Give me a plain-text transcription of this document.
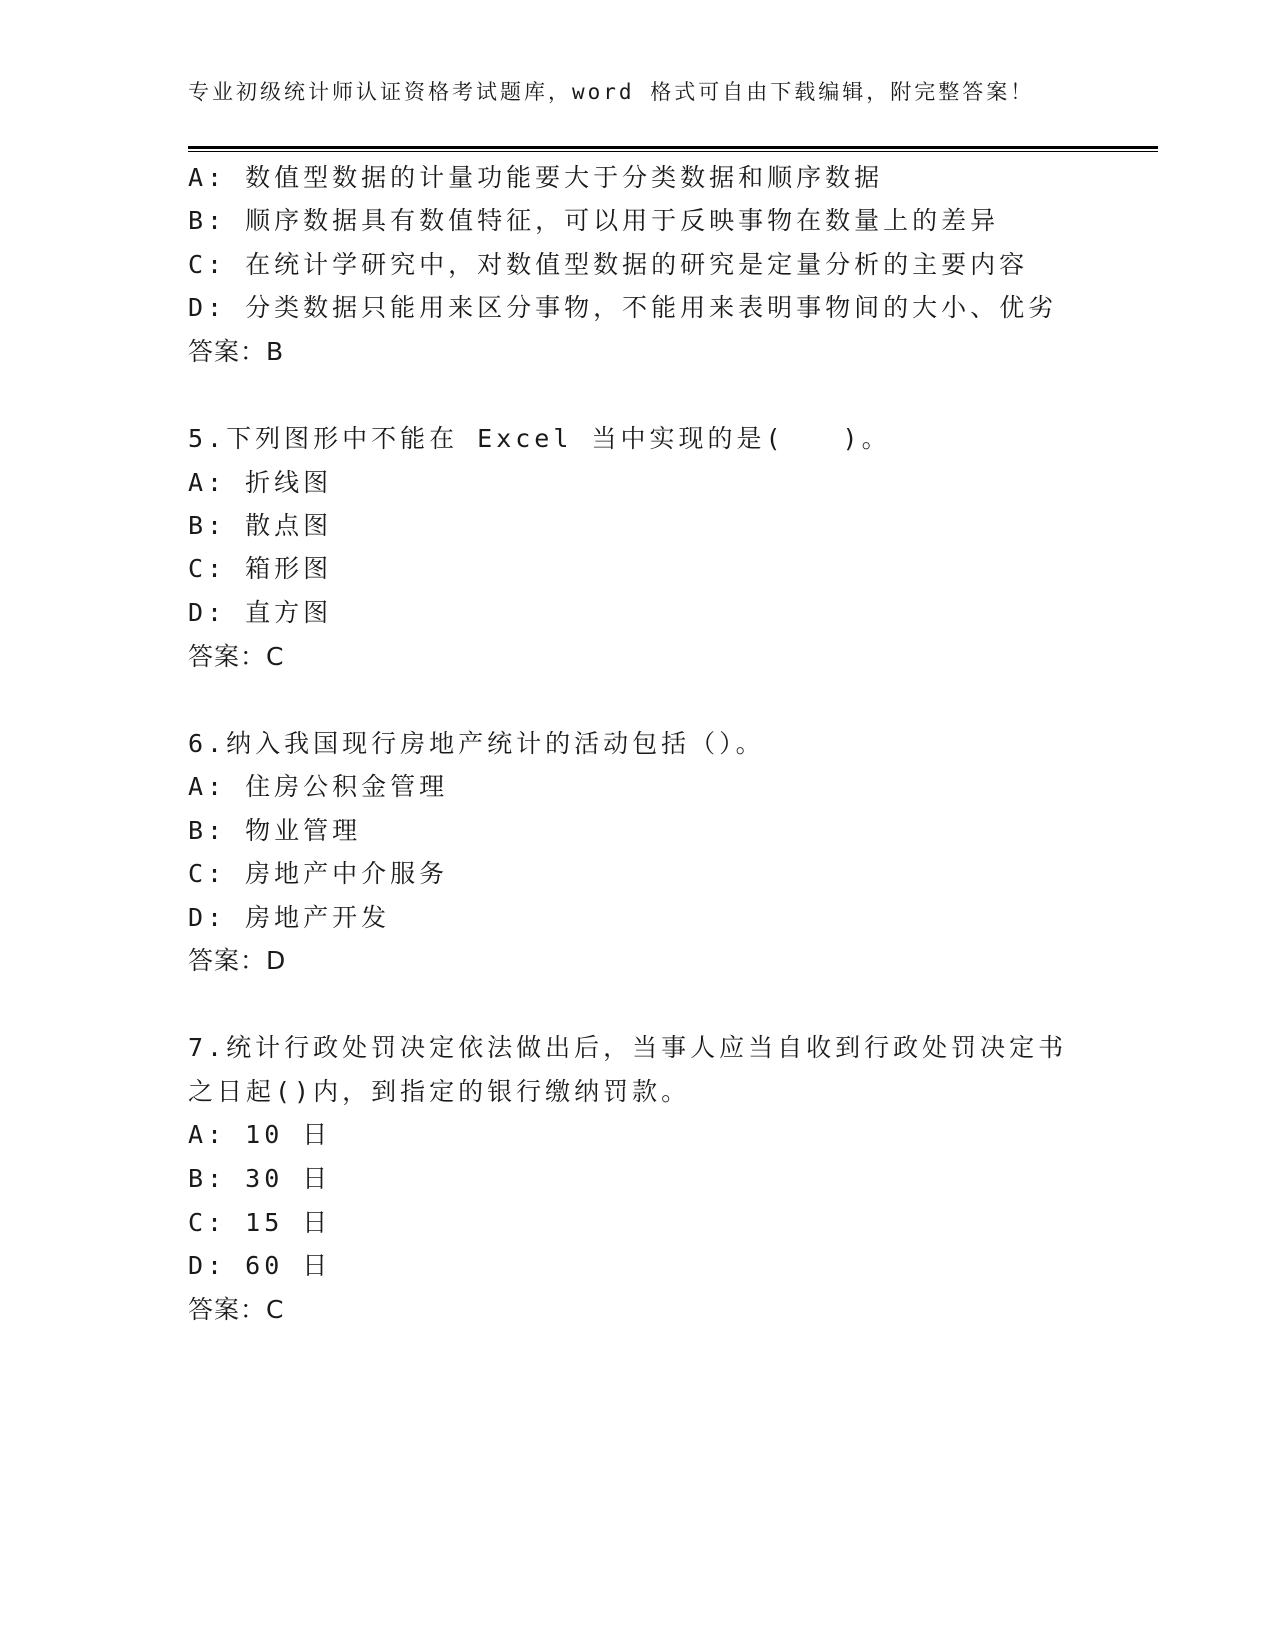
专业初级统计师认证资格考试题库，word 格式可自由下载编辑，附完整答案！
A: 数值型数据的计量功能要大于分类数据和顺序数据
B: 顺序数据具有数值特征，可以用于反映事物在数量上的差异
C: 在统计学研究中，对数值型数据的研究是定量分析的主要内容
D: 分类数据只能用来区分事物，不能用来表明事物间的大小、优劣
答案：B
5.下列图形中不能在 Excel 当中实现的是(　　)。
A: 折线图
B: 散点图
C: 箱形图
D: 直方图
答案：C
6.纳入我国现行房地产统计的活动包括（）。
A: 住房公积金管理
B: 物业管理
C: 房地产中介服务
D: 房地产开发
答案：D
7.统计行政处罚决定依法做出后，当事人应当自收到行政处罚决定书
之日起()内，到指定的银行缴纳罚款。
A: 10 日
B: 30 日
C: 15 日
D: 60 日
答案：C
